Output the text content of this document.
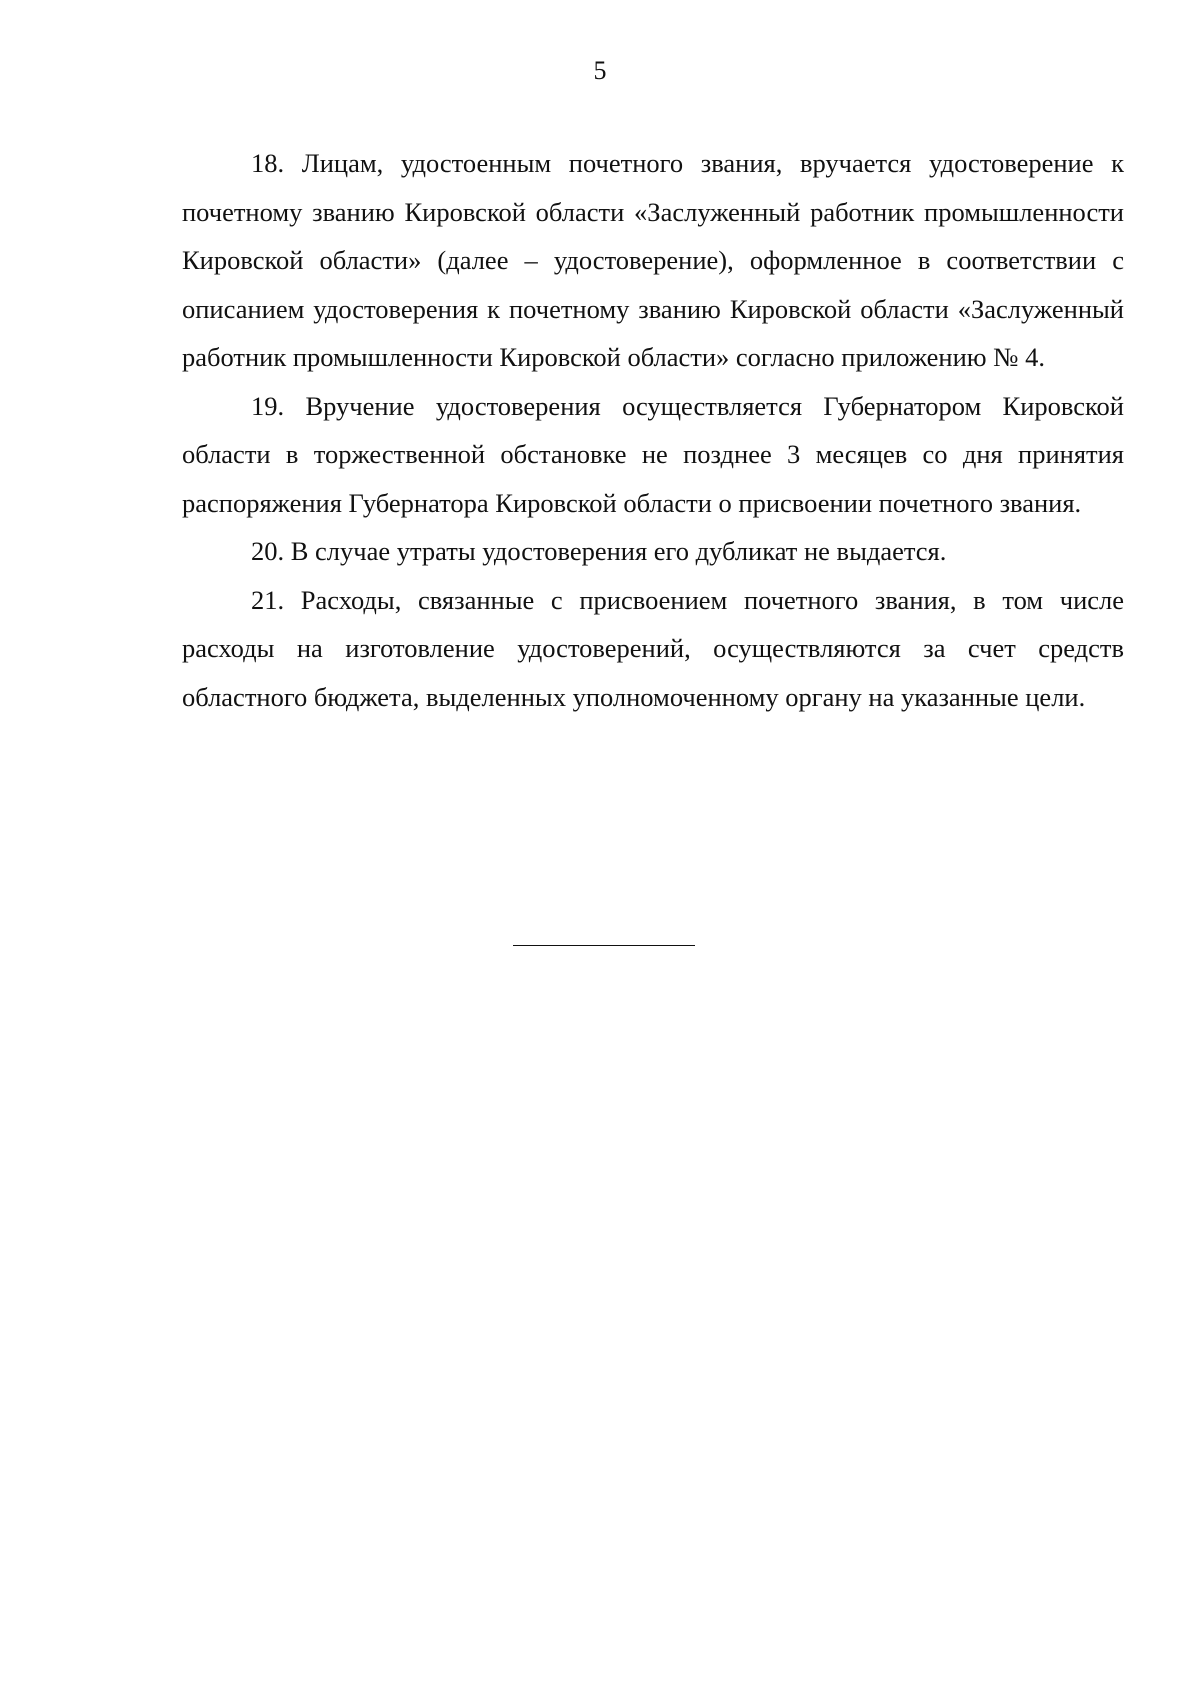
5

18. Лицам, удостоенным почетного звания, вручается удостоверение к почетному званию Кировской области «Заслуженный работник промышленности Кировской области» (далее – удостоверение), оформленное в соответствии с описанием удостоверения к почетному званию Кировской области «Заслуженный работник промышленности Кировской области» согласно приложению № 4.

19. Вручение удостоверения осуществляется Губернатором Кировской области в торжественной обстановке не позднее 3 месяцев со дня принятия распоряжения Губернатора Кировской области о присвоении почетного звания.

20. В случае утраты удостоверения его дубликат не выдается.

21. Расходы, связанные с присвоением почетного звания, в том числе расходы на изготовление удостоверений, осуществляются за счет средств областного бюджета, выделенных уполномоченному органу на указанные цели.
